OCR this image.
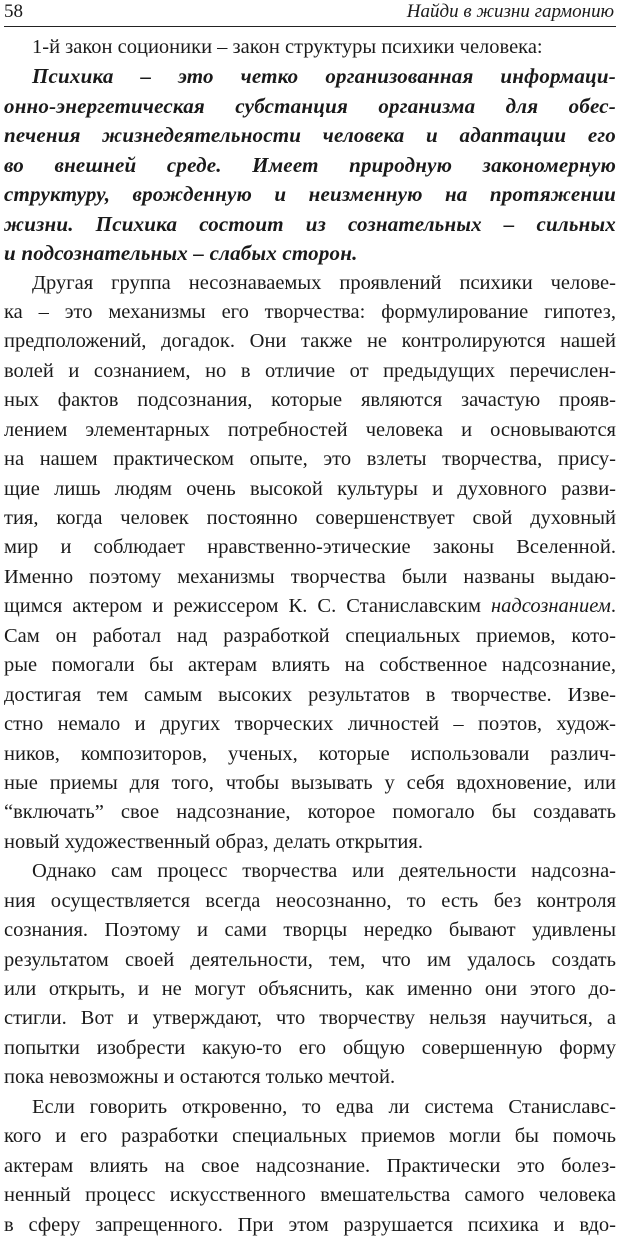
58	Найди в жизни гармонию
1-й закон соционики – закон структуры психики человека:
Психика – это четко организованная информаци-
онно-энергетическая субстанция организма для обес-
печения жизнедеятельности человека и адаптации его
во внешней среде. Имеет природную закономерную
структуру, врожденную и неизменную на протяжении
жизни. Психика состоит из сознательных – сильных
и подсознательных – слабых сторон.
Другая группа несознаваемых проявлений психики челове-
ка – это механизмы его творчества: формулирование гипотез,
предположений, догадок. Они также не контролируются нашей
волей и сознанием, но в отличие от предыдущих перечислен-
ных фактов подсознания, которые являются зачастую прояв-
лением элементарных потребностей человека и основываются
на нашем практическом опыте, это взлеты творчества, прису-
щие лишь людям очень высокой культуры и духовного разви-
тия, когда человек постоянно совершенствует свой духовный
мир и соблюдает нравственно-этические законы Вселенной.
Именно поэтому механизмы творчества были названы выдаю-
щимся актером и режиссером К. С. Станиславским надсознанием.
Сам он работал над разработкой специальных приемов, кото-
рые помогали бы актерам влиять на собственное надсознание,
достигая тем самым высоких результатов в творчестве. Изве-
стно немало и других творческих личностей – поэтов, худож-
ников, композиторов, ученых, которые использовали различ-
ные приемы для того, чтобы вызывать у себя вдохновение, или
“включать” свое надсознание, которое помогало бы создавать
новый художественный образ, делать открытия.
Однако сам процесс творчества или деятельности надсозна-
ния осуществляется всегда неосознанно, то есть без контроля
сознания. Поэтому и сами творцы нередко бывают удивлены
результатом своей деятельности, тем, что им удалось создать
или открыть, и не могут объяснить, как именно они этого до-
стигли. Вот и утверждают, что творчеству нельзя научиться, а
попытки изобрести какую-то его общую совершенную форму
пока невозможны и остаются только мечтой.
Если говорить откровенно, то едва ли система Станиславс-
кого и его разработки специальных приемов могли бы помочь
актерам влиять на свое надсознание. Практически это болез-
ненный процесс искусственного вмешательства самого человека
в сферу запрещенного. При этом разрушается психика и вдо-
